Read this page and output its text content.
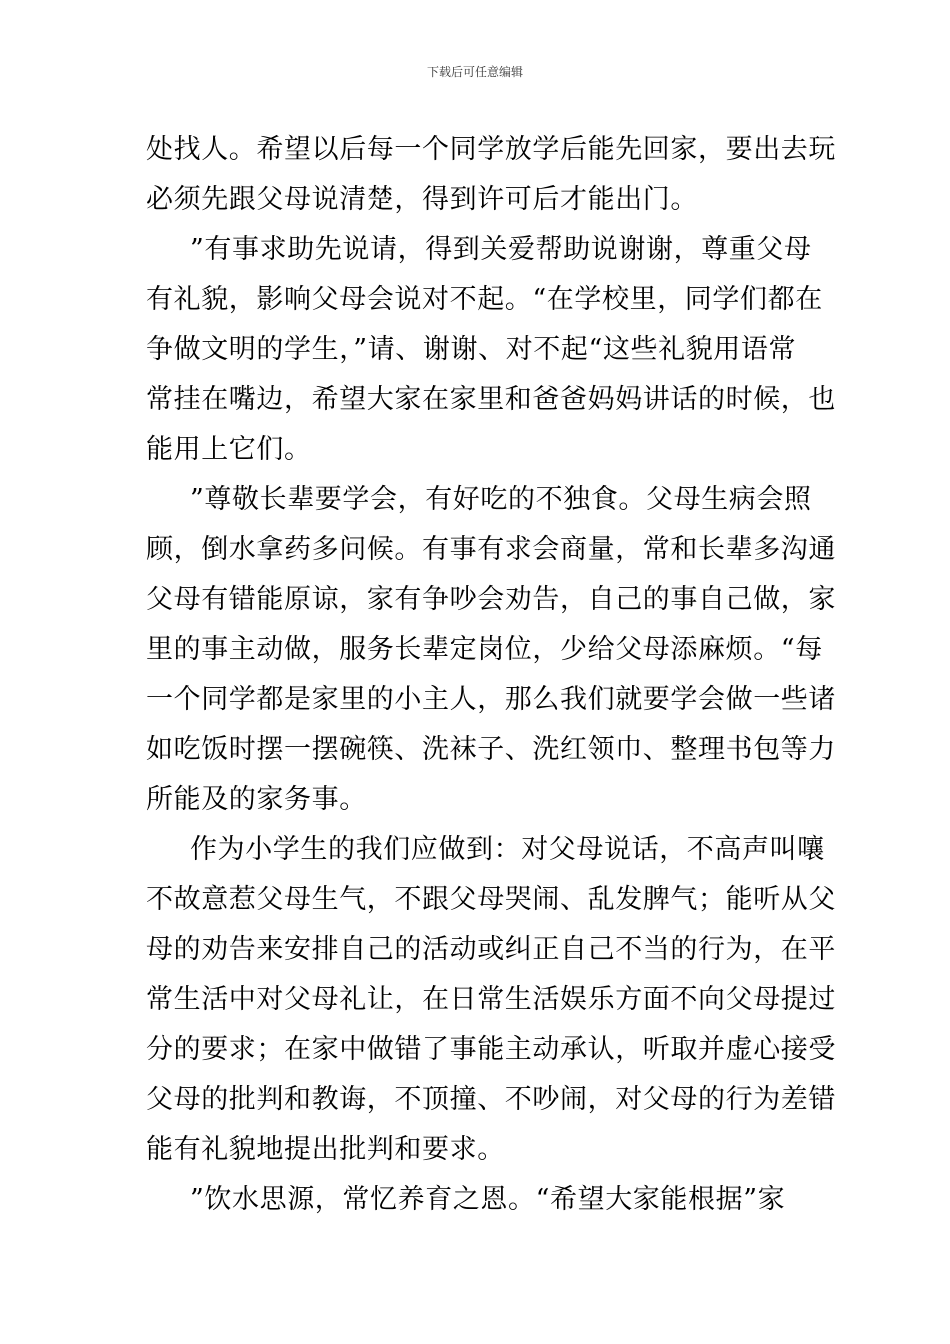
下载后可任意编辑
处找人。希望以后每一个同学放学后能先回家，要出去玩
必须先跟父母说清楚，得到许可后才能出门。
”有事求助先说请，得到关爱帮助说谢谢，尊重父母
有礼貌，影响父母会说对不起。“在学校里，同学们都在
争做文明的学生，”请、谢谢、对不起“这些礼貌用语常
常挂在嘴边，希望大家在家里和爸爸妈妈讲话的时候，也
能用上它们。
”尊敬长辈要学会，有好吃的不独食。父母生病会照
顾，倒水拿药多问候。有事有求会商量，常和长辈多沟通
父母有错能原谅，家有争吵会劝告，自己的事自己做，家
里的事主动做，服务长辈定岗位，少给父母添麻烦。“每
一个同学都是家里的小主人，那么我们就要学会做一些诸
如吃饭时摆一摆碗筷、洗袜子、洗红领巾、整理书包等力
所能及的家务事。
作为小学生的我们应做到：对父母说话，不高声叫嚷
不故意惹父母生气，不跟父母哭闹、乱发脾气；能听从父
母的劝告来安排自己的活动或纠正自己不当的行为，在平
常生活中对父母礼让，在日常生活娱乐方面不向父母提过
分的要求；在家中做错了事能主动承认，听取并虚心接受
父母的批判和教诲，不顶撞、不吵闹，对父母的行为差错
能有礼貌地提出批判和要求。
”饮水思源，常忆养育之恩。“希望大家能根据”家
